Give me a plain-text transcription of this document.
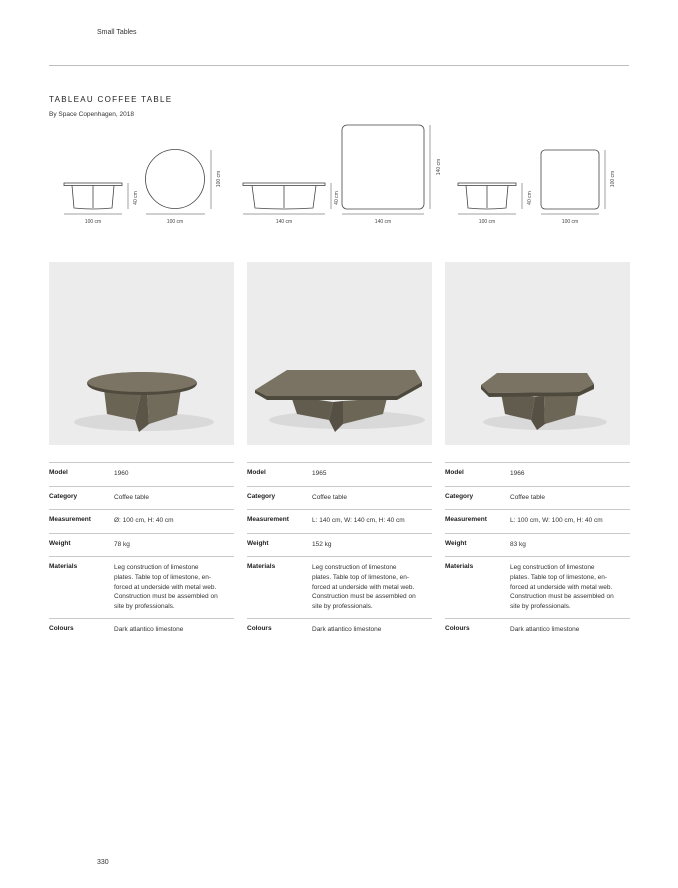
Small Tables
TABLEAU COFFEE TABLE
By Space Copenhagen, 2018
100 cm
40 cm
100 cm
100 cm
140 cm
40 cm
140 cm
140 cm
100 cm
40 cm
100 cm
100 cm
Model	1960
Category	Coffee table
Measurement	Ø: 100 cm, H: 40 cm
Weight	78 kg
Materials	Leg construction of limestone
plates. Table top of limestone, en-
forced at underside with metal web.
Construction must be assembled on
site by professionals.
Colours	Dark atlantico limestone
Model	1965
Category	Coffee table
Measurement	L: 140 cm, W: 140 cm, H: 40 cm
Weight	152 kg
Materials	Leg construction of limestone
plates. Table top of limestone, en-
forced at underside with metal web.
Construction must be assembled on
site by professionals.
Colours	Dark atlantico limestone
Model	1966
Category	Coffee table
Measurement	L: 100 cm, W: 100 cm, H: 40 cm
Weight	83 kg
Materials	Leg construction of limestone
plates. Table top of limestone, en-
forced at underside with metal web.
Construction must be assembled on
site by professionals.
Colours	Dark atlantico limestone
330
